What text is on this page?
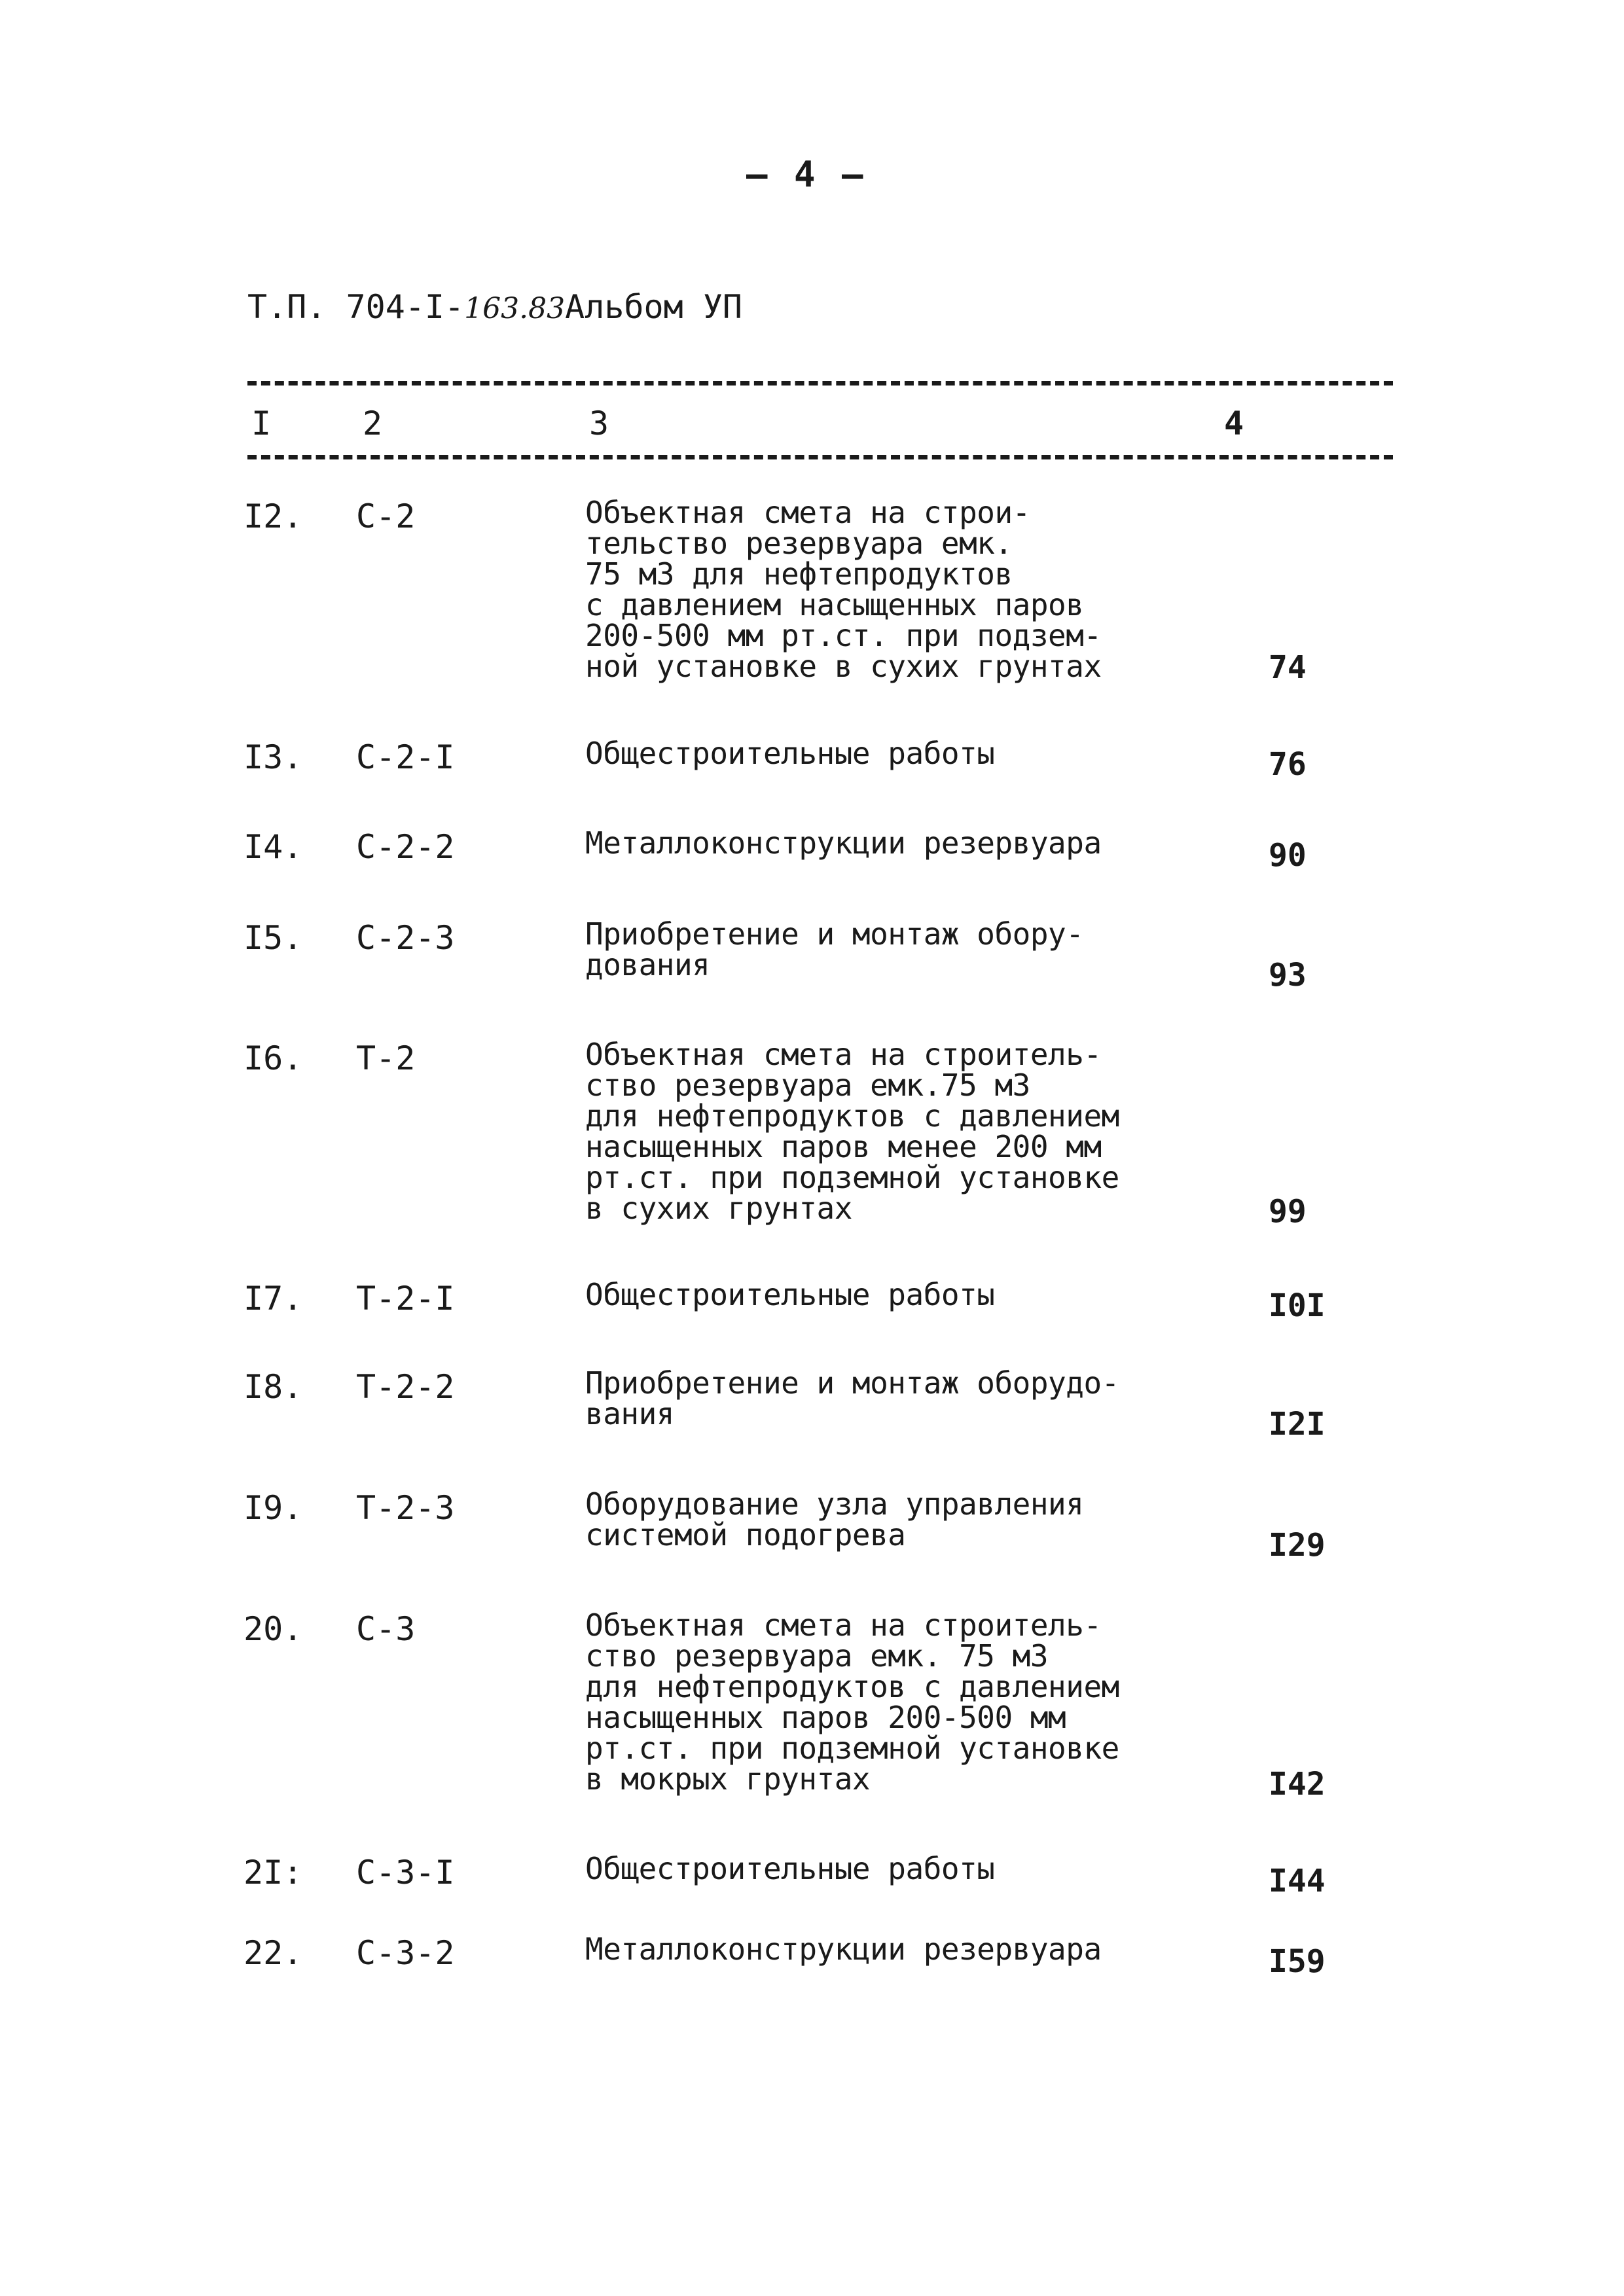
– 4 –
Т.П. 704-I-163.83Альбом УП
I	2	3	4
I2. С-2	Объектная смета на строи-
тельство резервуара емк.
75 м3 для нефтепродуктов
с давлением насыщенных паров
200-500 мм рт.ст. при подзем-
ной установке в сухих грунтах	74
I3. С-2-I	Общестроительные работы	76
I4. С-2-2	Металлоконструкции резервуара	90
I5. С-2-3	Приобретение и монтаж обору-
дования	93
I6. Т-2	Объектная смета на строитель-
ство резервуара емк.75 м3
для нефтепродуктов с давлением
насыщенных паров менее 200 мм
рт.ст. при подземной установке
в сухих грунтах	99
I7. Т-2-I	Общестроительные работы	I0I
I8. Т-2-2	Приобретение и монтаж оборудо-
вания	I2I
I9. Т-2-3	Оборудование узла управления
системой подогрева	I29
20. С-3	Объектная смета на строитель-
ство резервуара емк. 75 м3
для нефтепродуктов с давлением
насыщенных паров 200-500 мм
рт.ст. при подземной установке
в мокрых грунтах	I42
2I: С-3-I	Общестроительные работы	I44
22. С-3-2	Металлоконструкции резервуара	I59
